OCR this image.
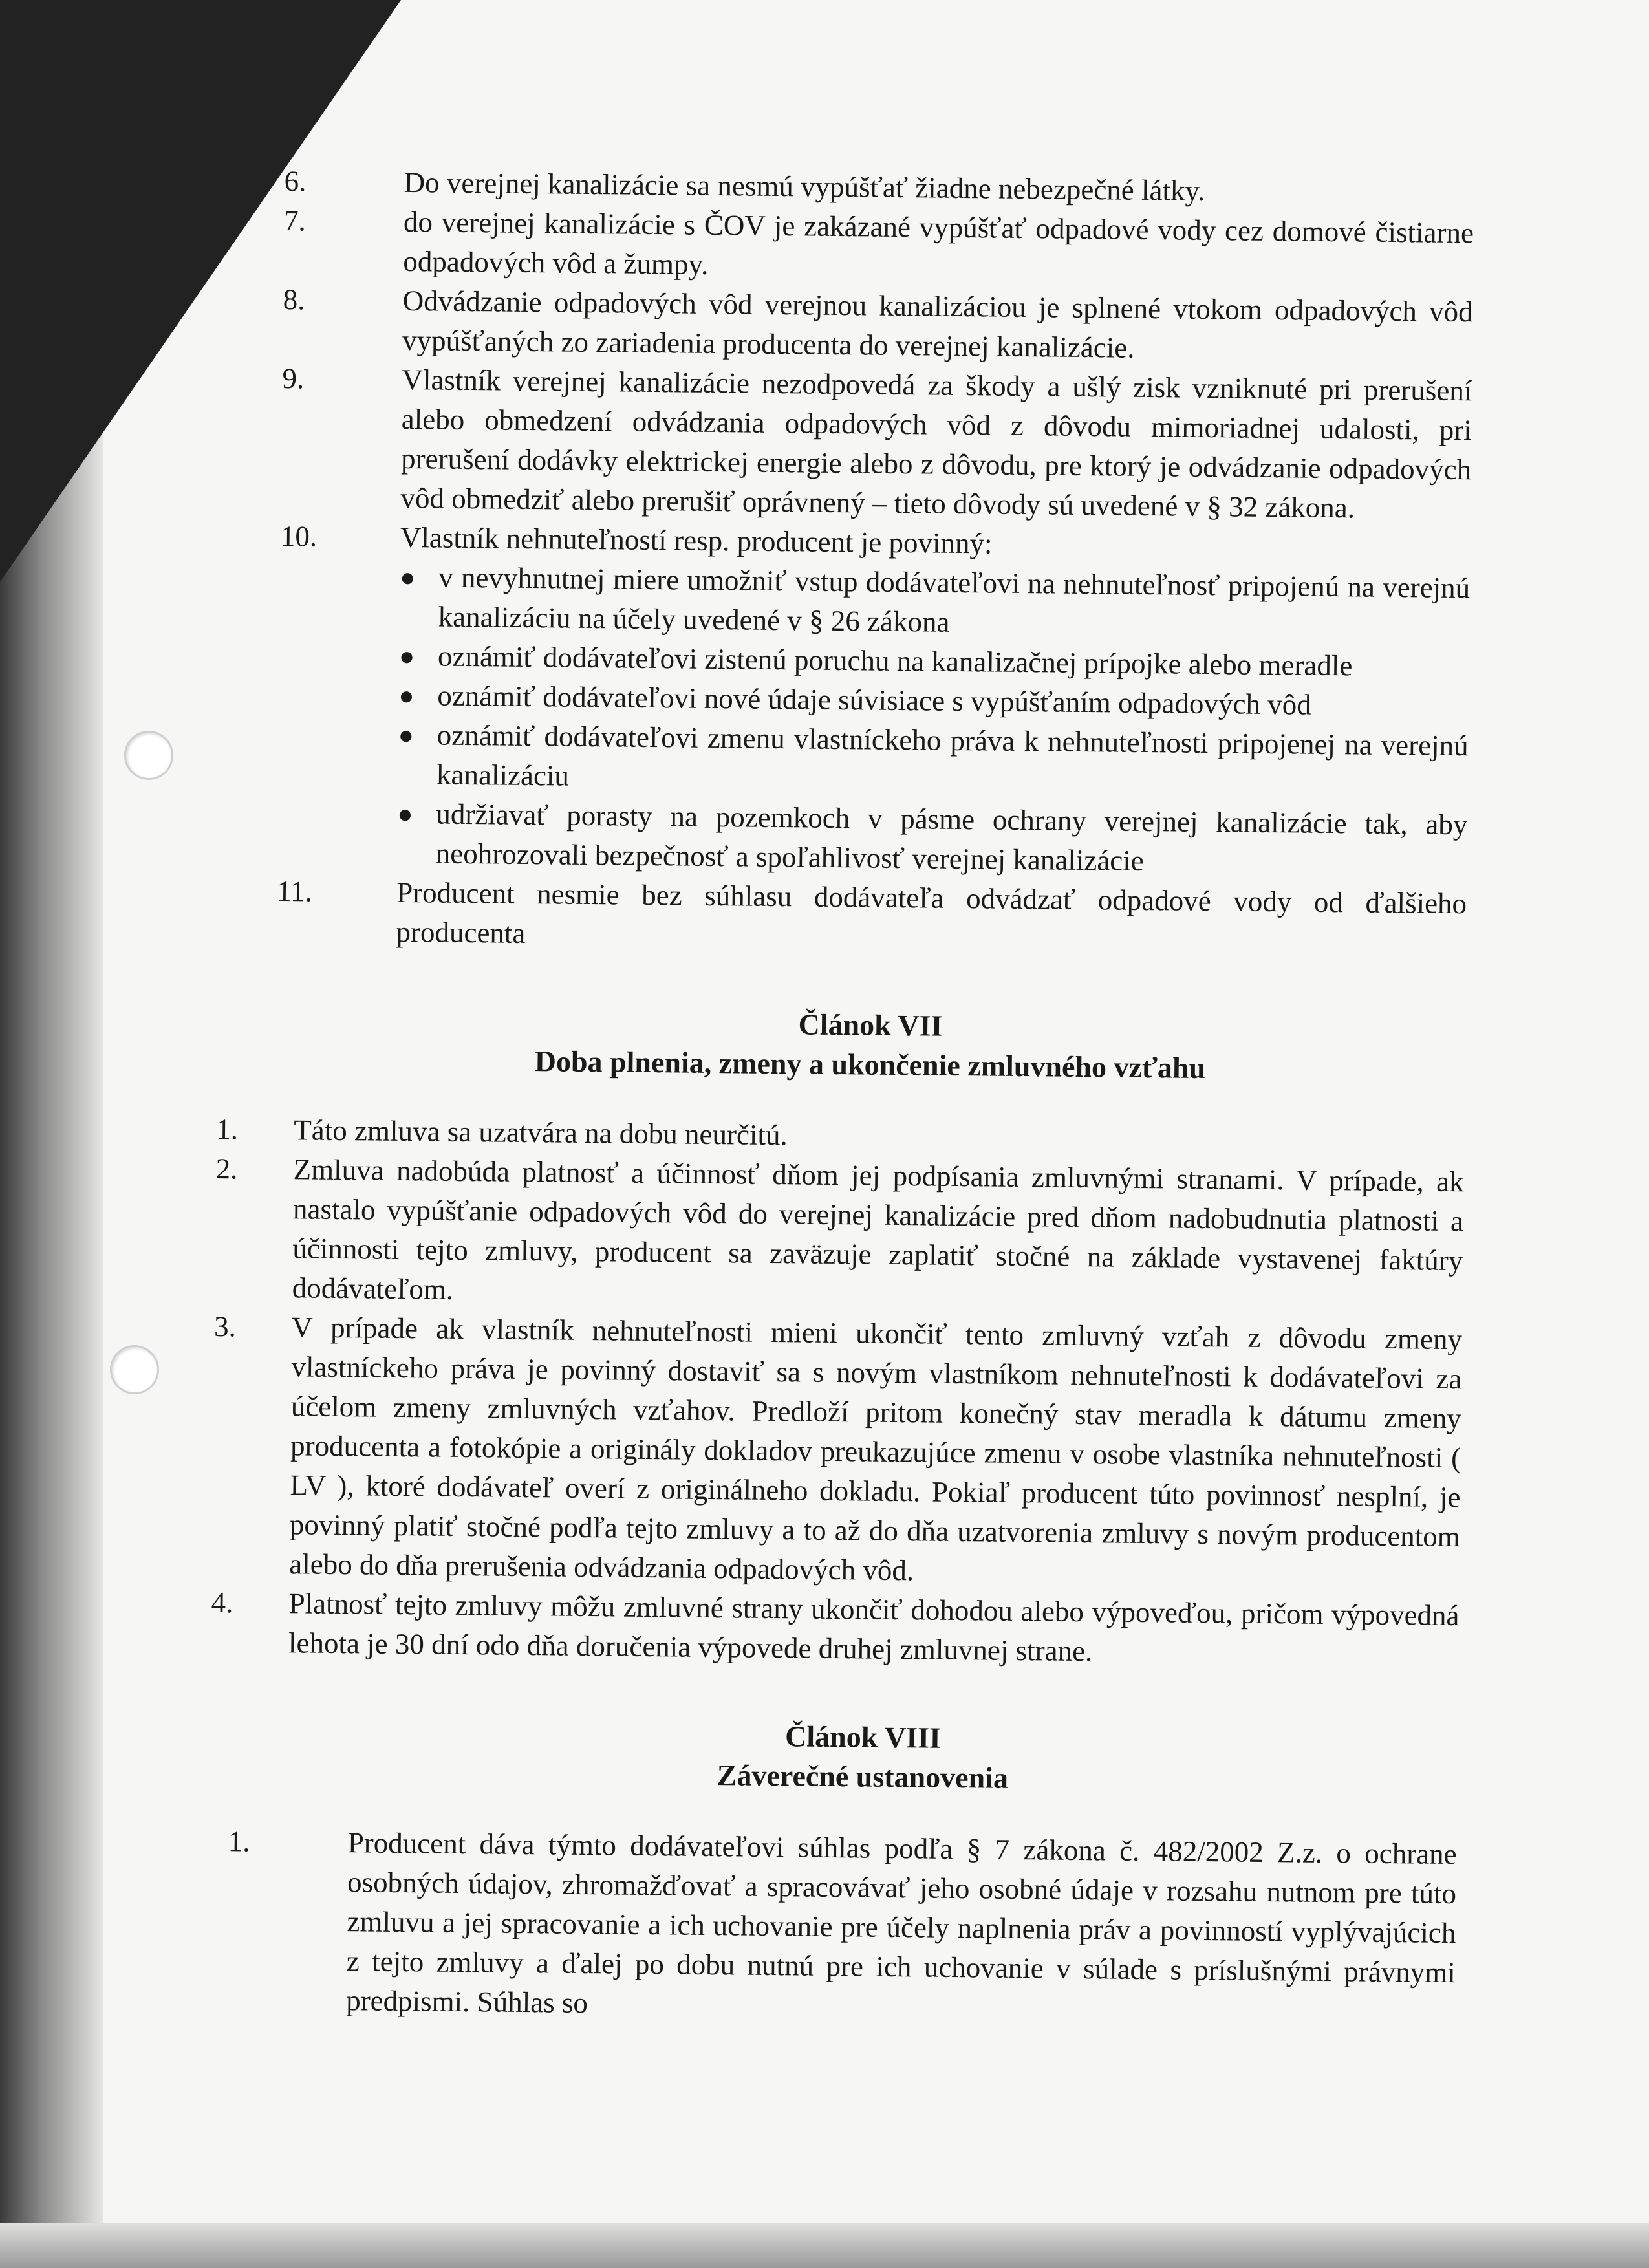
6.	Do verejnej kanalizácie sa nesmú vypúšťať žiadne nebezpečné látky.

7.	do verejnej kanalizácie s ČOV je zakázané vypúšťať odpadové vody cez domové čistiarne odpadových vôd a žumpy.

8.	Odvádzanie odpadových vôd verejnou kanalizáciou je splnené vtokom odpadových vôd vypúšťaných zo zariadenia producenta do verejnej kanalizácie.

9.	Vlastník verejnej kanalizácie nezodpovedá za škody a ušlý zisk vzniknuté pri prerušení alebo obmedzení odvádzania odpadových vôd z dôvodu mimoriadnej udalosti, pri prerušení dodávky elektrickej energie alebo z dôvodu, pre ktorý je odvádzanie odpadových vôd obmedziť alebo prerušiť oprávnený – tieto dôvody sú uvedené v § 32 zákona.

10.	Vlastník nehnuteľností resp. producent je povinný:

● v nevyhnutnej miere umožniť vstup dodávateľovi na nehnuteľnosť pripojenú na verejnú kanalizáciu na účely uvedené v § 26 zákona

● oznámiť dodávateľovi zistenú poruchu na kanalizačnej prípojke alebo meradle

● oznámiť dodávateľovi nové údaje súvisiace s vypúšťaním odpadových vôd

● oznámiť dodávateľovi zmenu vlastníckeho práva k nehnuteľnosti pripojenej na verejnú kanalizáciu

● udržiavať porasty na pozemkoch v pásme ochrany verejnej kanalizácie tak, aby neohrozovali bezpečnosť a spoľahlivosť verejnej kanalizácie

11.	Producent nesmie bez súhlasu dodávateľa odvádzať odpadové vody od ďalšieho producenta

Článok VII

Doba plnenia, zmeny a ukončenie zmluvného vzťahu

1. Táto zmluva sa uzatvára na dobu neurčitú.

2. Zmluva nadobúda platnosť a účinnosť dňom jej podpísania zmluvnými stranami. V prípade, ak nastalo vypúšťanie odpadových vôd do verejnej kanalizácie pred dňom nadobudnutia platnosti a účinnosti tejto zmluvy, producent sa zaväzuje zaplatiť stočné na základe vystavenej faktúry dodávateľom.

3. V prípade ak vlastník nehnuteľnosti mieni ukončiť tento zmluvný vzťah z dôvodu zmeny vlastníckeho práva je povinný dostaviť sa s novým vlastníkom nehnuteľnosti k dodávateľovi za účelom zmeny zmluvných vzťahov. Predloží pritom konečný stav meradla k dátumu zmeny producenta a fotokópie a originály dokladov preukazujúce zmenu v osobe vlastníka nehnuteľnosti ( LV ), ktoré dodávateľ overí z originálneho dokladu. Pokiaľ producent túto povinnosť nesplní, je povinný platiť stočné podľa tejto zmluvy a to až do dňa uzatvorenia zmluvy s novým producentom alebo do dňa prerušenia odvádzania odpadových vôd.

4. Platnosť tejto zmluvy môžu zmluvné strany ukončiť dohodou alebo výpoveďou, pričom výpovedná lehota je 30 dní odo dňa doručenia výpovede druhej zmluvnej strane.

Článok VIII

Záverečné ustanovenia

1.	Producent dáva týmto dodávateľovi súhlas podľa § 7 zákona č. 482/2002 Z.z. o ochrane osobných údajov, zhromažďovať a spracovávať jeho osobné údaje v rozsahu nutnom pre túto zmluvu a jej spracovanie a ich uchovanie pre účely naplnenia práv a povinností vyplývajúcich z tejto zmluvy a ďalej po dobu nutnú pre ich uchovanie v súlade s príslušnými právnymi predpismi. Súhlas so
